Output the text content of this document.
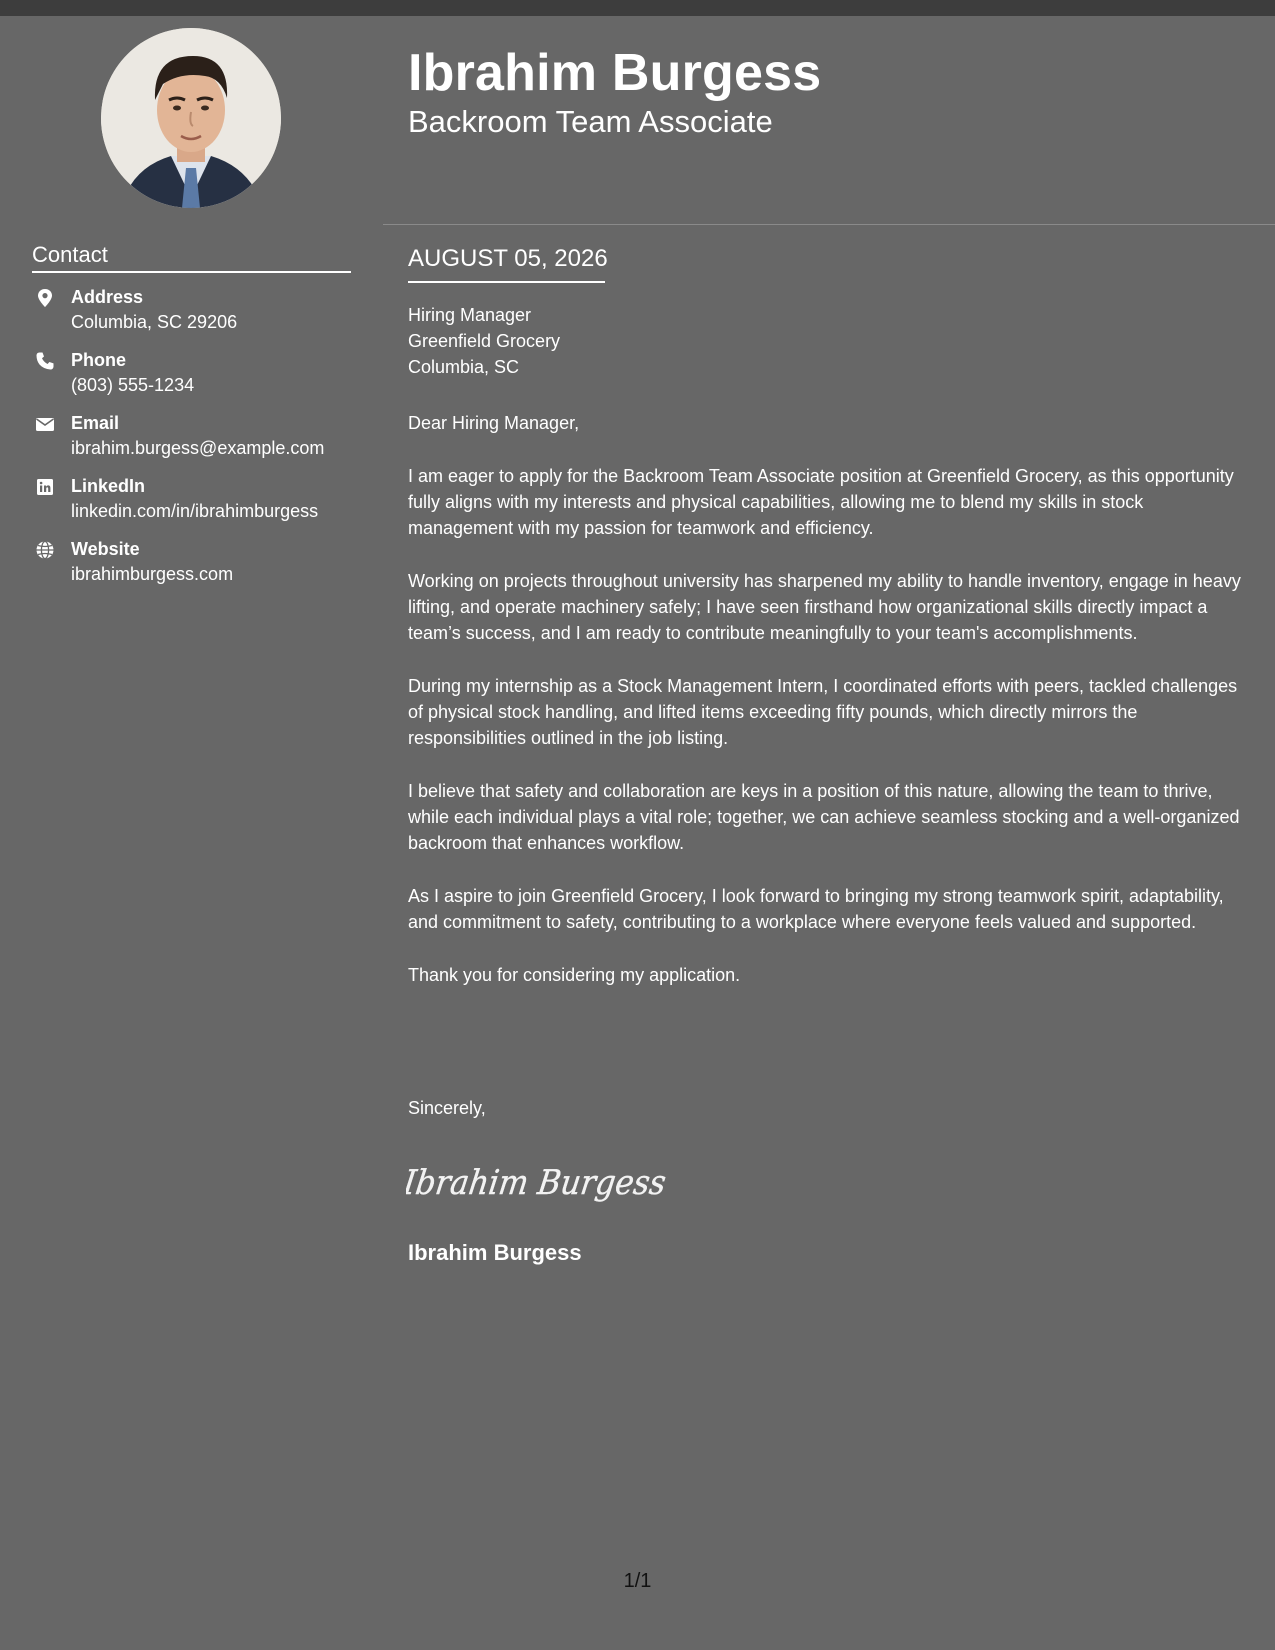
Ibrahim Burgess
Backroom Team Associate
Contact
Address
Columbia, SC 29206
Phone
(803) 555-1234
Email
ibrahim.burgess@example.com
LinkedIn
linkedin.com/in/ibrahimburgess
Website
ibrahimburgess.com
AUGUST 05, 2026
Hiring Manager
Greenfield Grocery
Columbia, SC

Dear Hiring Manager,

I am eager to apply for the Backroom Team Associate position at Greenfield Grocery, as this opportunity fully aligns with my interests and physical capabilities, allowing me to blend my skills in stock management with my passion for teamwork and efficiency.

Working on projects throughout university has sharpened my ability to handle inventory, engage in heavy lifting, and operate machinery safely; I have seen firsthand how organizational skills directly impact a team’s success, and I am ready to contribute meaningfully to your team's accomplishments.

During my internship as a Stock Management Intern, I coordinated efforts with peers, tackled challenges of physical stock handling, and lifted items exceeding fifty pounds, which directly mirrors the responsibilities outlined in the job listing.

I believe that safety and collaboration are keys in a position of this nature, allowing the team to thrive, while each individual plays a vital role; together, we can achieve seamless stocking and a well-organized backroom that enhances workflow.

As I aspire to join Greenfield Grocery, I look forward to bringing my strong teamwork spirit, adaptability, and commitment to safety, contributing to a workplace where everyone feels valued and supported.

Thank you for considering my application.

Sincerely,
Ibrahim Burgess
Ibrahim Burgess
1/1
